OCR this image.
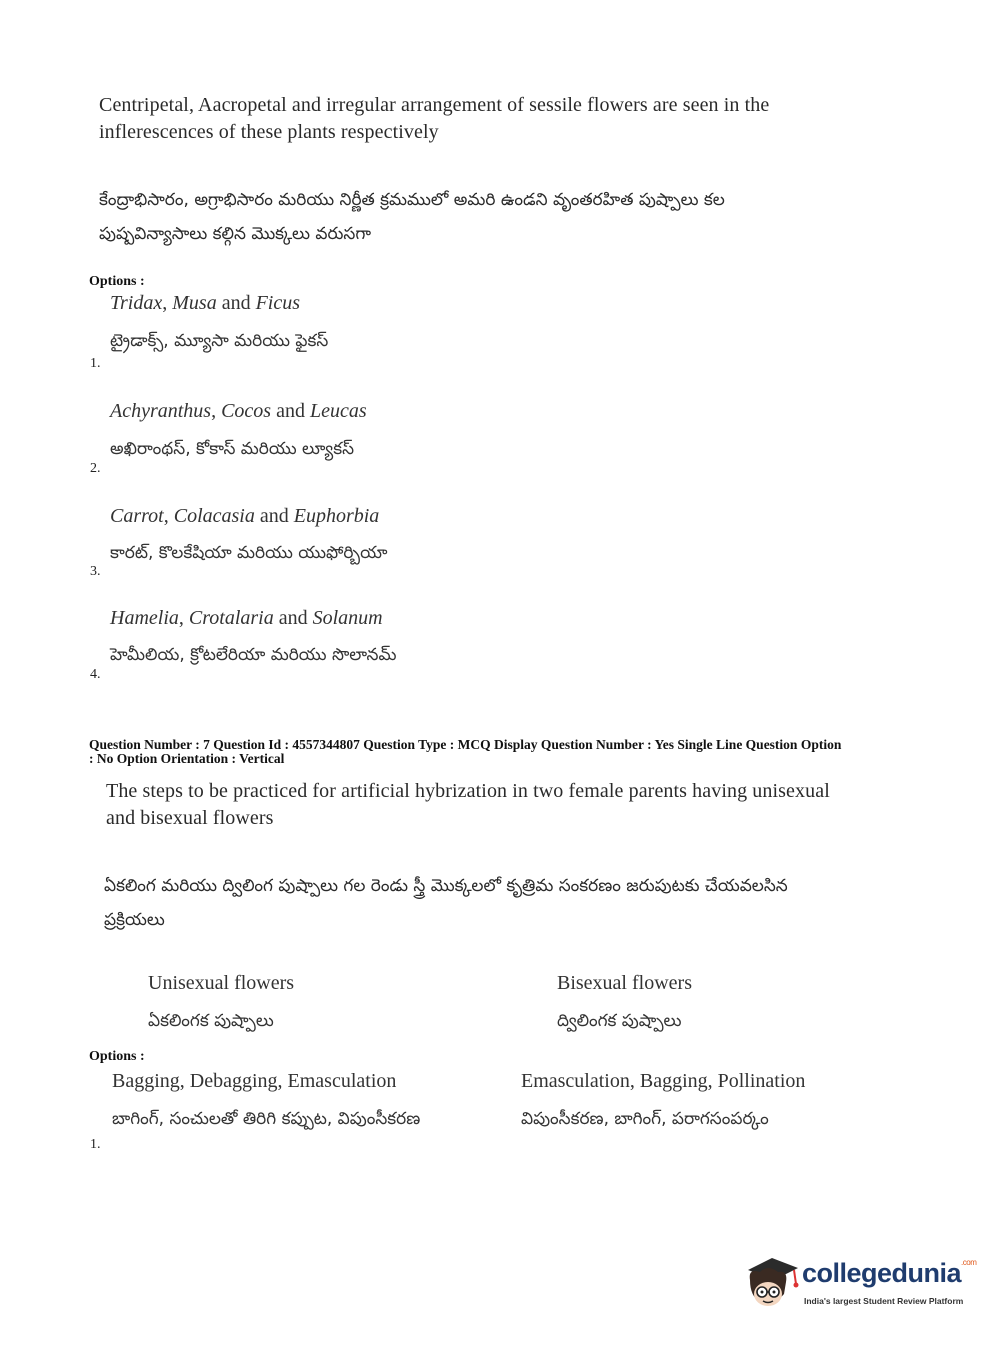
Centripetal, Aacropetal and irregular arrangement of sessile flowers are seen in the
inflerescences of these plants respectively
కేంద్రాభిసారం, అగ్రాభిసారం మరియు నిర్ణీత క్రమములో అమరి ఉండని వృంతరహిత పుష్పాలు కల
పుష్పవిన్యాసాలు కల్గిన మొక్కలు వరుసగా
Options :
Tridax, Musa and Ficus
ట్రైడాక్స్, మ్యూసా మరియు ఫైకస్
1.
Achyranthus, Cocos and Leucas
అఖిరాంథస్, కోకాస్ మరియు ల్యూకస్
2.
Carrot, Colacasia and Euphorbia
కారట్, కొలకేషియా మరియు యుఫోర్బియా
3.
Hamelia, Crotalaria and Solanum
హెమీలియ, క్రోటలేరియా మరియు సొలానమ్
4.
Question Number : 7 Question Id : 4557344807 Question Type : MCQ Display Question Number : Yes Single Line Question Option
: No Option Orientation : Vertical
The steps to be practiced for artificial hybrization in two female parents having unisexual
and bisexual flowers
ఏకలింగ మరియు ద్విలింగ పుష్పాలు గల రెండు స్త్రీ మొక్కలలో కృత్రిమ సంకరణం జరుపుటకు చేయవలసిన
ప్రక్రియలు
Unisexual flowers
ఏకలింగక పుష్పాలు
Bisexual flowers
ద్విలింగక పుష్పాలు
Options :
Bagging, Debagging, Emasculation	Emasculation, Bagging, Pollination
బాగింగ్, సంచులతో తిరిగి కప్పుట, విపుంసీకరణ	విపుంసీకరణ, బాగింగ్, పరాగసంపర్కం
1.
collegedunia$^{.com}$
India's largest Student Review Platform
